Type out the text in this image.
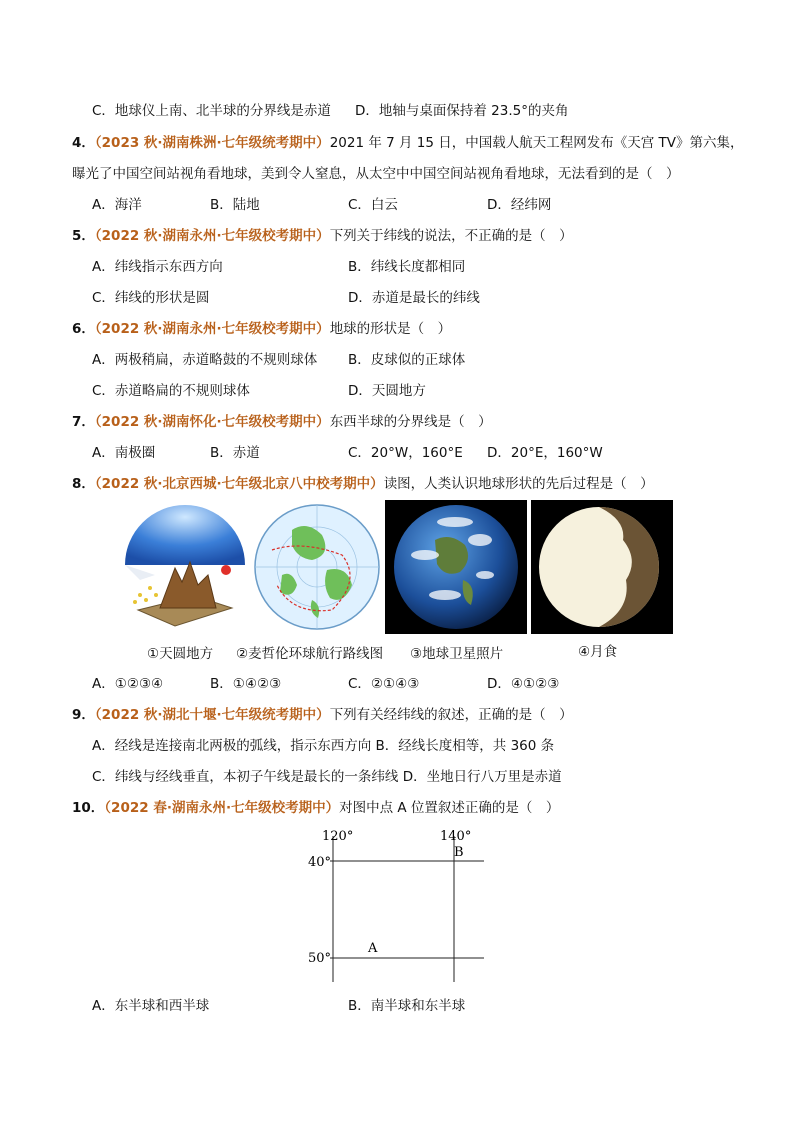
C．地球仪上南、北半球的分界线是赤道 D．地轴与桌面保持着 23.5°的夹角
4．（2023 秋·湖南株洲·七年级统考期中）2021 年 7 月 15 日，中国载人航天工程网发布《天宫 TV》第六集，
曝光了中国空间站视角看地球，美到令人窒息，从太空中中国空间站视角看地球，无法看到的是（　）
A．海洋	B．陆地	C．白云	D．经纬网
5．（2022 秋·湖南永州·七年级校考期中）下列关于纬线的说法，不正确的是（　）
A．纬线指示东西方向	B．纬线长度都相同
C．纬线的形状是圆	D．赤道是最长的纬线
6．（2022 秋·湖南永州·七年级校考期中）地球的形状是（　）
A．两极稍扁，赤道略鼓的不规则球体 B．皮球似的正球体
C．赤道略扁的不规则球体	D．天圆地方
7．（2022 秋·湖南怀化·七年级校考期中）东西半球的分界线是（　）
A．南极圈	B．赤道	C．20°W，160°E D．20°E，160°W
8．（2022 秋·北京西城·七年级北京八中校考期中）读图，人类认识地球形状的先后过程是（　）
①天圆地方 ②麦哲伦环球航行路线图 ③地球卫星照片	④月食
A．①②③④	B．①④②③	C．②①④③	D．④①②③
9．（2022 秋·湖北十堰·七年级统考期中）下列有关经纬线的叙述，正确的是（　）
A．经线是连接南北两极的弧线，指示东西方向 B．经线长度相等，共 360 条
C．纬线与经线垂直，本初子午线是最长的一条纬线 D．坐地日行八万里是赤道
10．（2022 春·湖南永州·七年级校考期中）对图中点 A 位置叙述正确的是（　）
120°	140°
40°
50°
A
B
A．东半球和西半球	B．南半球和东半球
